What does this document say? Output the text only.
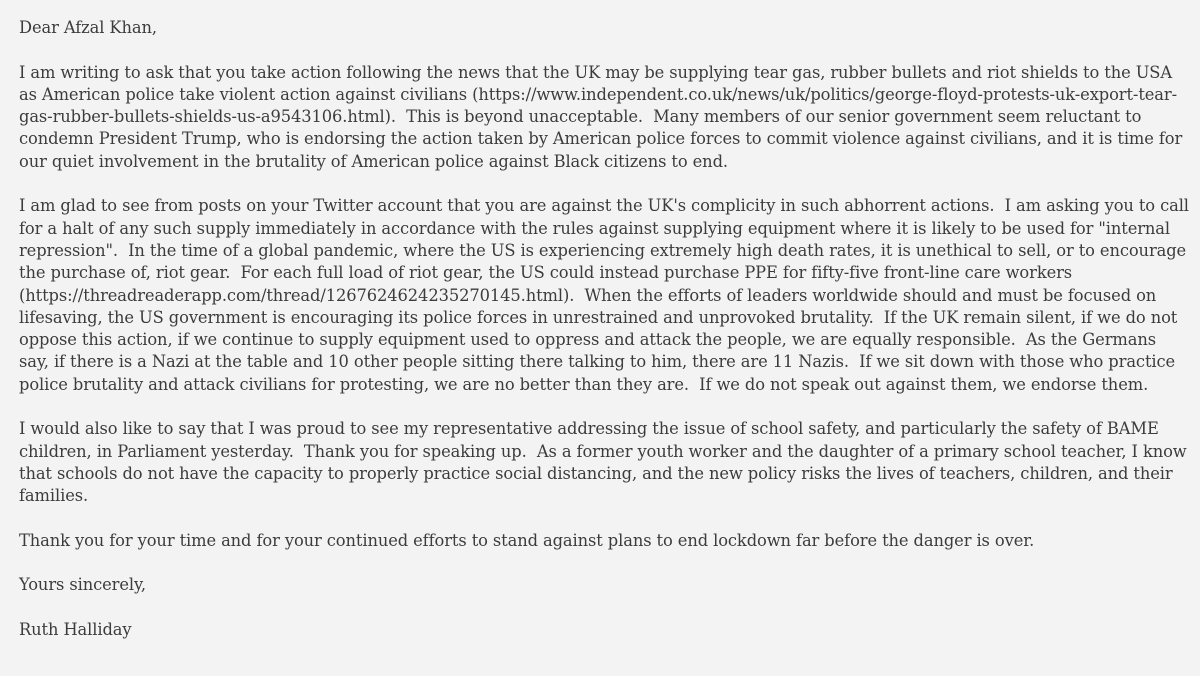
Dear Afzal Khan,

I am writing to ask that you take action following the news that the UK may be supplying tear gas, rubber bullets and riot shields to the USA as American police take violent action against civilians (https://www.independent.co.uk/news/uk/politics/george-floyd-protests-uk-export-tear-gas-rubber-bullets-shields-us-a9543106.html).  This is beyond unacceptable.  Many members of our senior government seem reluctant to condemn President Trump, who is endorsing the action taken by American police forces to commit violence against civilians, and it is time for our quiet involvement in the brutality of American police against Black citizens to end.

I am glad to see from posts on your Twitter account that you are against the UK's complicity in such abhorrent actions.  I am asking you to call for a halt of any such supply immediately in accordance with the rules against supplying equipment where it is likely to be used for "internal repression".  In the time of a global pandemic, where the US is experiencing extremely high death rates, it is unethical to sell, or to encourage the purchase of, riot gear.  For each full load of riot gear, the US could instead purchase PPE for fifty-five front-line care workers (https://threadreaderapp.com/thread/1267624624235270145.html).  When the efforts of leaders worldwide should and must be focused on lifesaving, the US government is encouraging its police forces in unrestrained and unprovoked brutality.  If the UK remain silent, if we do not oppose this action, if we continue to supply equipment used to oppress and attack the people, we are equally responsible.  As the Germans say, if there is a Nazi at the table and 10 other people sitting there talking to him, there are 11 Nazis.  If we sit down with those who practice police brutality and attack civilians for protesting, we are no better than they are.  If we do not speak out against them, we endorse them.

I would also like to say that I was proud to see my representative addressing the issue of school safety, and particularly the safety of BAME children, in Parliament yesterday.  Thank you for speaking up.  As a former youth worker and the daughter of a primary school teacher, I know that schools do not have the capacity to properly practice social distancing, and the new policy risks the lives of teachers, children, and their families.

Thank you for your time and for your continued efforts to stand against plans to end lockdown far before the danger is over.

Yours sincerely,

Ruth Halliday
